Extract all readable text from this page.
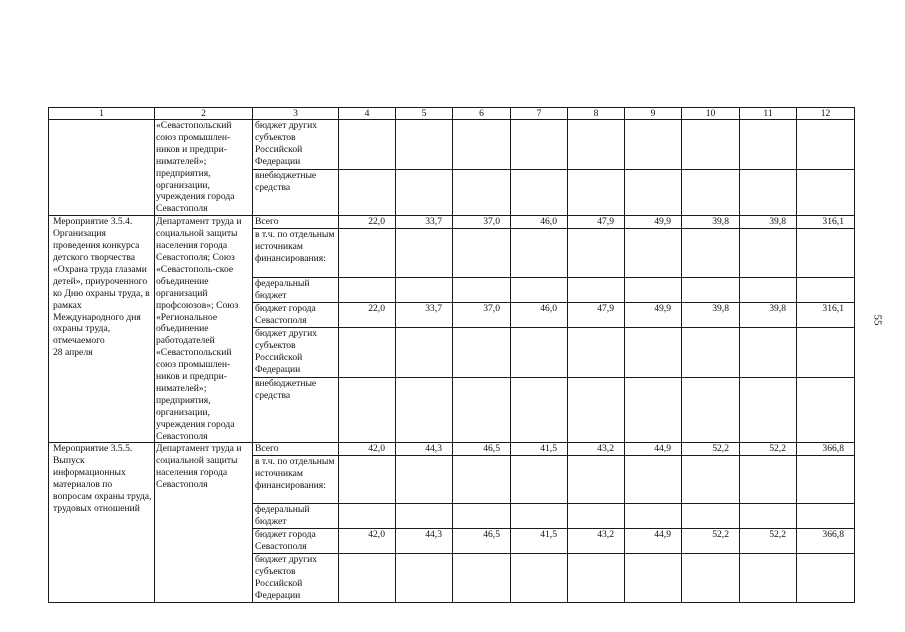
1	2	3	4	5	6	7	8	9	10	11	12
	«Севастопольский союз промышлен-ников и предпри-нимателей»; предприятия, организации, учреждения города Севастополя	бюджет других субъектов Российской Федерации									
		внебюджетные средства									
Мероприятие 3.5.4. Организация проведения конкурса детского творчества «Охрана труда глазами детей», приуроченного ко Дню охраны труда, в рамках Международного дня охраны труда, отмечаемого
28 апреля	Департамент труда и социальной защиты населения города Севастополя; Союз «Севастополь-ское объединение организаций профсоюзов»; Союз «Региональное объединение работодателей «Севастопольский союз промышлен-ников и предпри-нимателей»; предприятия, организации, учреждения города Севастополя	Всего	22,0	33,7	37,0	46,0	47,9	49,9	39,8	39,8	316,1
		в т.ч. по отдельным источникам финансирования:									
		федеральный бюджет									
		бюджет города Севастополя	22,0	33,7	37,0	46,0	47,9	49,9	39,8	39,8	316,1
		бюджет других субъектов Российской Федерации									
		внебюджетные средства									
Мероприятие 3.5.5. Выпуск информационных материалов по вопросам охраны труда, трудовых отношений	Департамент труда и социальной защиты населения города Севастополя	Всего	42,0	44,3	46,5	41,5	43,2	44,9	52,2	52,2	366,8
		в т.ч. по отдельным источникам финансирования:									
		федеральный бюджет									
		бюджет города Севастополя	42,0	44,3	46,5	41,5	43,2	44,9	52,2	52,2	366,8
		бюджет других субъектов Российской Федерации									
55
